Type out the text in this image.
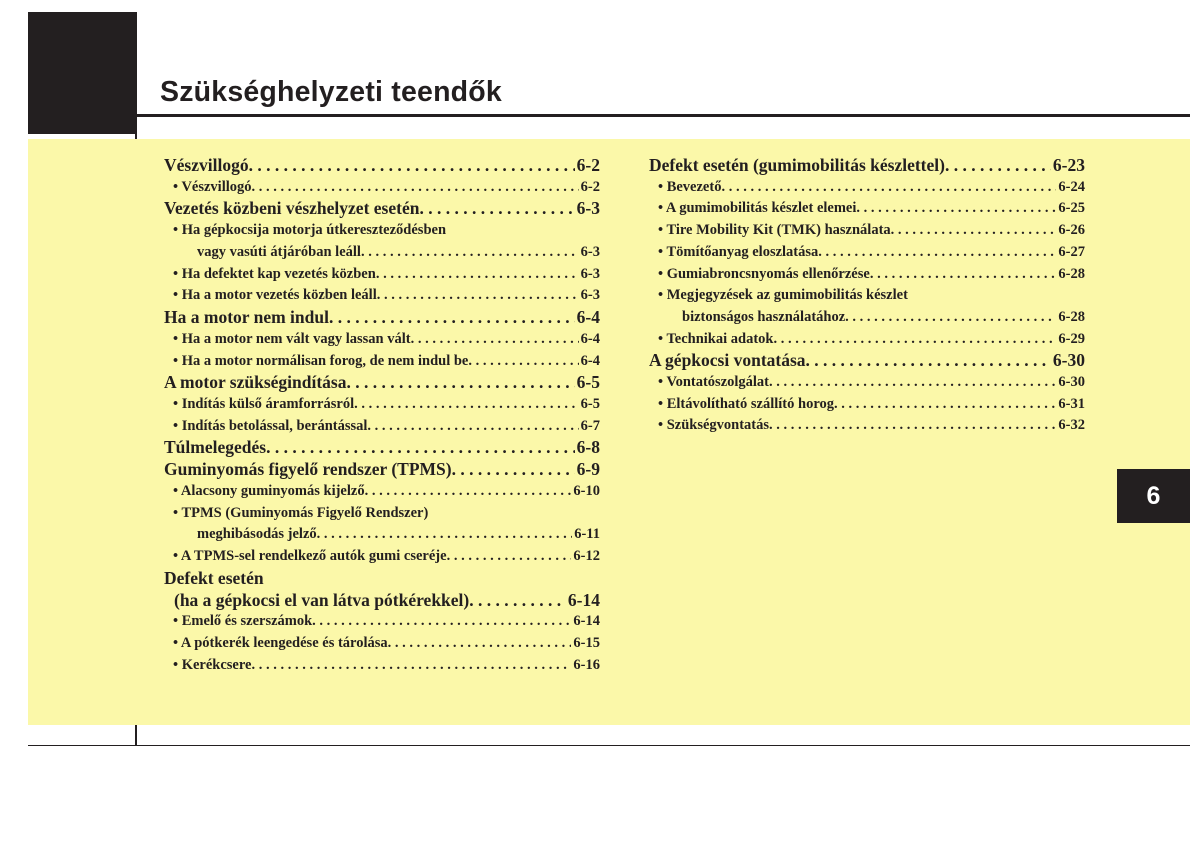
Szükséghelyzeti teendők
Vészvillogó . . .	6-2
• Vészvillogó . . .	6-2
Vezetés közbeni vészhelyzet esetén . . .	6-3
• Ha gépkocsija motorja útkereszteződésben
vagy vasúti átjáróban leáll . . .	6-3
• Ha defektet kap vezetés közben . . .	6-3
• Ha a motor vezetés közben leáll . . .	6-3
Ha a motor nem indul . . .	6-4
• Ha a motor nem vált vagy lassan vált . . .	6-4
• Ha a motor normálisan forog, de nem indul be . . .	6-4
A motor szükségindítása . . .	6-5
• Indítás külső áramforrásról . . .	6-5
• Indítás betolással, berántással . . .	6-7
Túlmelegedés . . .	6-8
Guminyomás figyelő rendszer (TPMS) . . .	6-9
• Alacsony guminyomás kijelző . . .	6-10
• TPMS (Guminyomás Figyelő Rendszer)
meghibásodás jelző . . .	6-11
• A TPMS-sel rendelkező autók gumi cseréje . . .	6-12
Defekt esetén
(ha a gépkocsi el van látva pótkérekkel) . . .	6-14
• Emelő és szerszámok . . .	6-14
• A pótkerék leengedése és tárolása . . .	6-15
• Kerékcsere . . .	6-16
Defekt esetén (gumimobilitás készlettel) . . .	6-23
• Bevezető . . .	6-24
• A gumimobilitás készlet elemei . . .	6-25
• Tire Mobility Kit (TMK) használata . . .	6-26
• Tömítőanyag eloszlatása . . .	6-27
• Gumiabroncsnyomás ellenőrzése . . .	6-28
• Megjegyzések az gumimobilitás készlet
biztonságos használatához . . .	6-28
• Technikai adatok . . .	6-29
A gépkocsi vontatása . . .	6-30
• Vontatószolgálat . . .	6-30
• Eltávolítható szállító horog . . .	6-31
• Szükségvontatás . . .	6-32
6
